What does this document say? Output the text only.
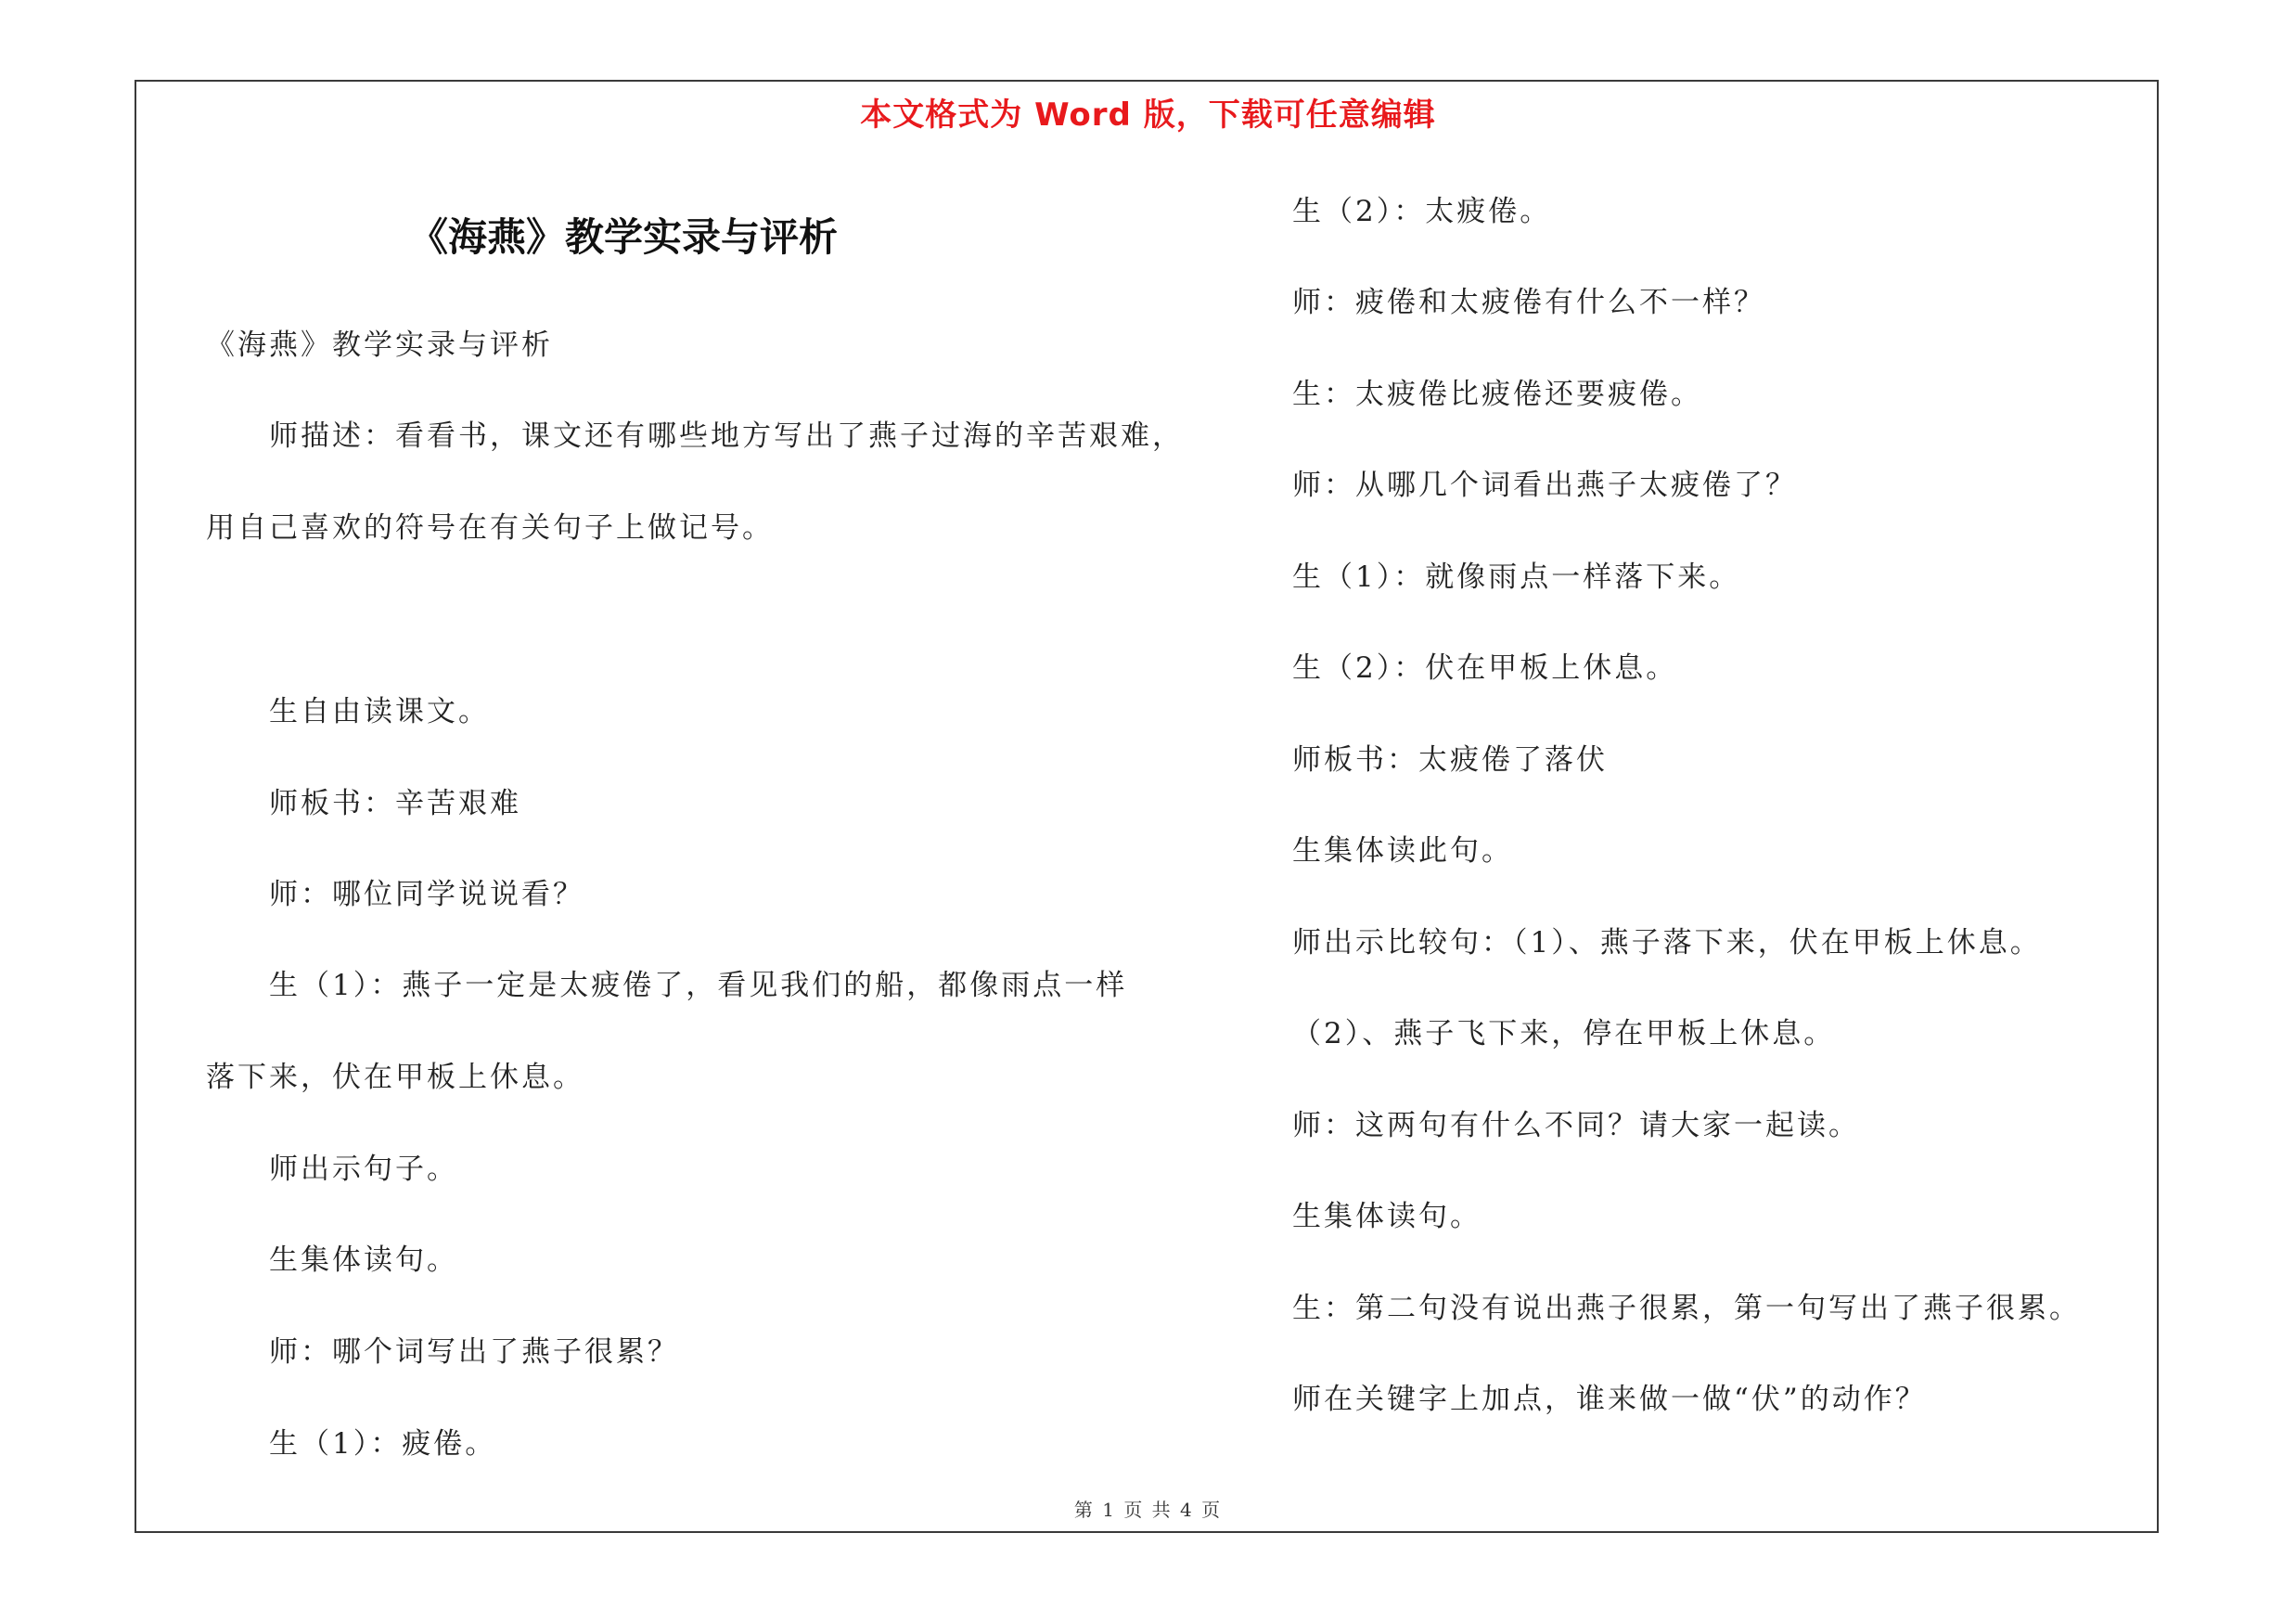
本文格式为 Word 版，下载可任意编辑
《海燕》教学实录与评析
《海燕》教学实录与评析
师描述：看看书，课文还有哪些地方写出了燕子过海的辛苦艰难，
用自己喜欢的符号在有关句子上做记号。
生自由读课文。
师板书：辛苦艰难
师：哪位同学说说看？
生（1）：燕子一定是太疲倦了，看见我们的船，都像雨点一样
落下来，伏在甲板上休息。
师出示句子。
生集体读句。
师：哪个词写出了燕子很累？
生（1）：疲倦。
生（2）：太疲倦。
师：疲倦和太疲倦有什么不一样？
生：太疲倦比疲倦还要疲倦。
师：从哪几个词看出燕子太疲倦了？
生（1）：就像雨点一样落下来。
生（2）：伏在甲板上休息。
师板书：太疲倦了落伏
生集体读此句。
师出示比较句：（1）、燕子落下来，伏在甲板上休息。
（2）、燕子飞下来，停在甲板上休息。
师：这两句有什么不同？请大家一起读。
生集体读句。
生：第二句没有说出燕子很累，第一句写出了燕子很累。
师在关键字上加点，谁来做一做“伏”的动作？
第 1 页 共 4 页
